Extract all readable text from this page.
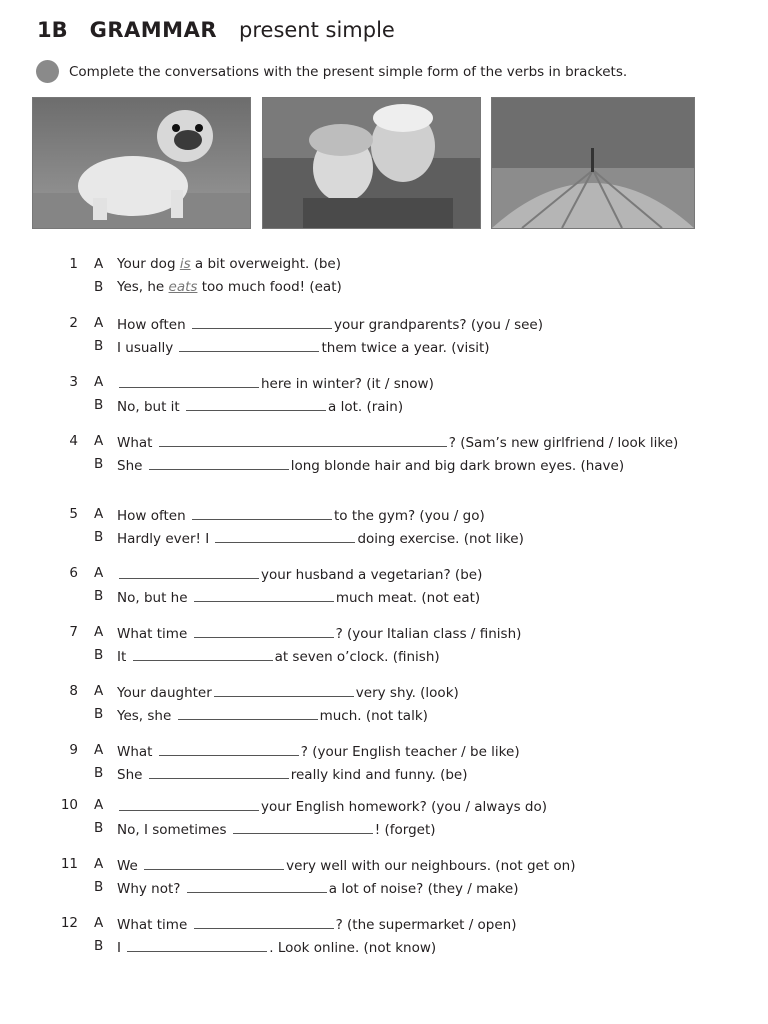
1B GRAMMAR present simple
Complete the conversations with the present simple form of the verbs in brackets.
1 A Your dog is a bit overweight. (be)
B Yes, he eats too much food! (eat)
2 A How often	your grandparents? (you / see)
B I usually	them twice a year. (visit)
3 A	here in winter? (it / snow)
B No, but it	a lot. (rain)
4 A What	? (Sam’s new girlfriend / look like)
B She	long blonde hair and big dark brown eyes. (have)
5 A How often	to the gym? (you / go)
B Hardly ever! I	doing exercise. (not like)
6 A	your husband a vegetarian? (be)
B No, but he	much meat. (not eat)
7 A What time	? (your Italian class / finish)
B It	at seven o’clock. (finish)
8 A Your daughter	very shy. (look)
B Yes, she	much. (not talk)
9 A What	? (your English teacher / be like)
B She	really kind and funny. (be)
10 A	your English homework? (you / always do)
B No, I sometimes	! (forget)
11 A We	very well with our neighbours. (not get on)
B Why not?	a lot of noise? (they / make)
12 A What time	? (the supermarket / open)
B I	. Look online. (not know)
